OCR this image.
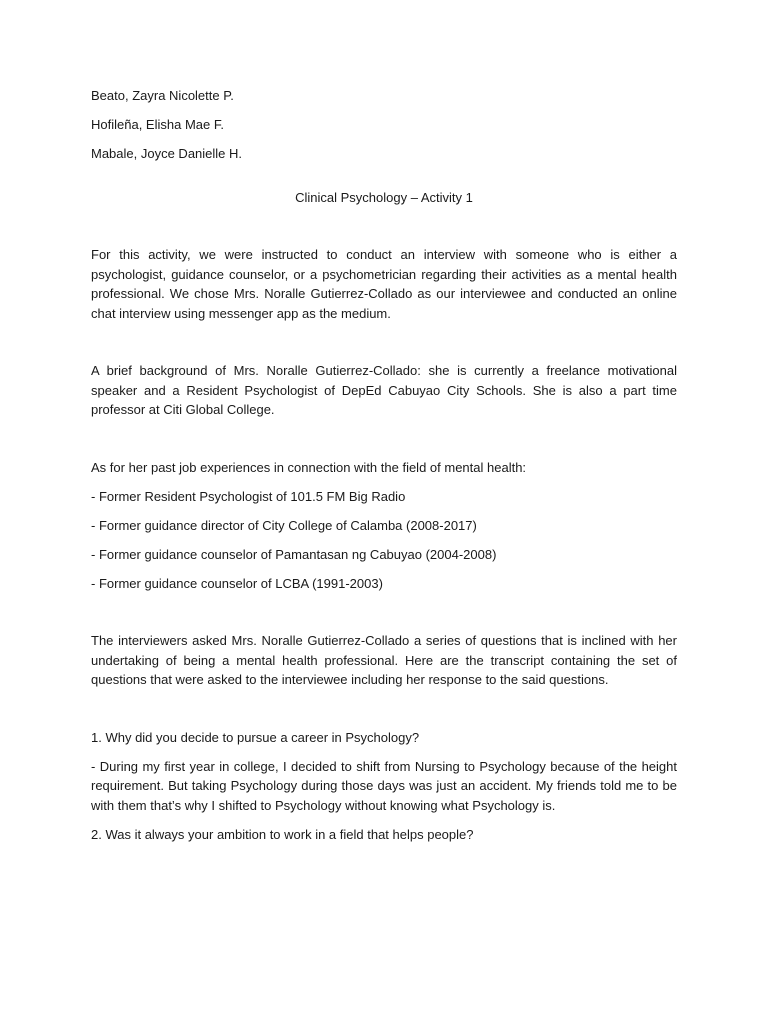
Beato, Zayra Nicolette P.

Hofileña, Elisha Mae F.

Mabale, Joyce Danielle H.

Clinical Psychology – Activity 1

For this activity, we were instructed to conduct an interview with someone who is either a psychologist, guidance counselor, or a psychometrician regarding their activities as a mental health professional. We chose Mrs. Noralle Gutierrez-Collado as our interviewee and conducted an online chat interview using messenger app as the medium.

A brief background of Mrs. Noralle Gutierrez-Collado: she is currently a freelance motivational speaker and a Resident Psychologist of DepEd Cabuyao City Schools. She is also a part time professor at Citi Global College.

As for her past job experiences in connection with the field of mental health:

- Former Resident Psychologist of 101.5 FM Big Radio

- Former guidance director of City College of Calamba (2008-2017)

- Former guidance counselor of Pamantasan ng Cabuyao (2004-2008)

- Former guidance counselor of LCBA (1991-2003)

The interviewers asked Mrs. Noralle Gutierrez-Collado a series of questions that is inclined with her undertaking of being a mental health professional. Here are the transcript containing the set of questions that were asked to the interviewee including her response to the said questions.

1. Why did you decide to pursue a career in Psychology?

- During my first year in college, I decided to shift from Nursing to Psychology because of the height requirement. But taking Psychology during those days was just an accident. My friends told me to be with them that’s why I shifted to Psychology without knowing what Psychology is.

2. Was it always your ambition to work in a field that helps people?
